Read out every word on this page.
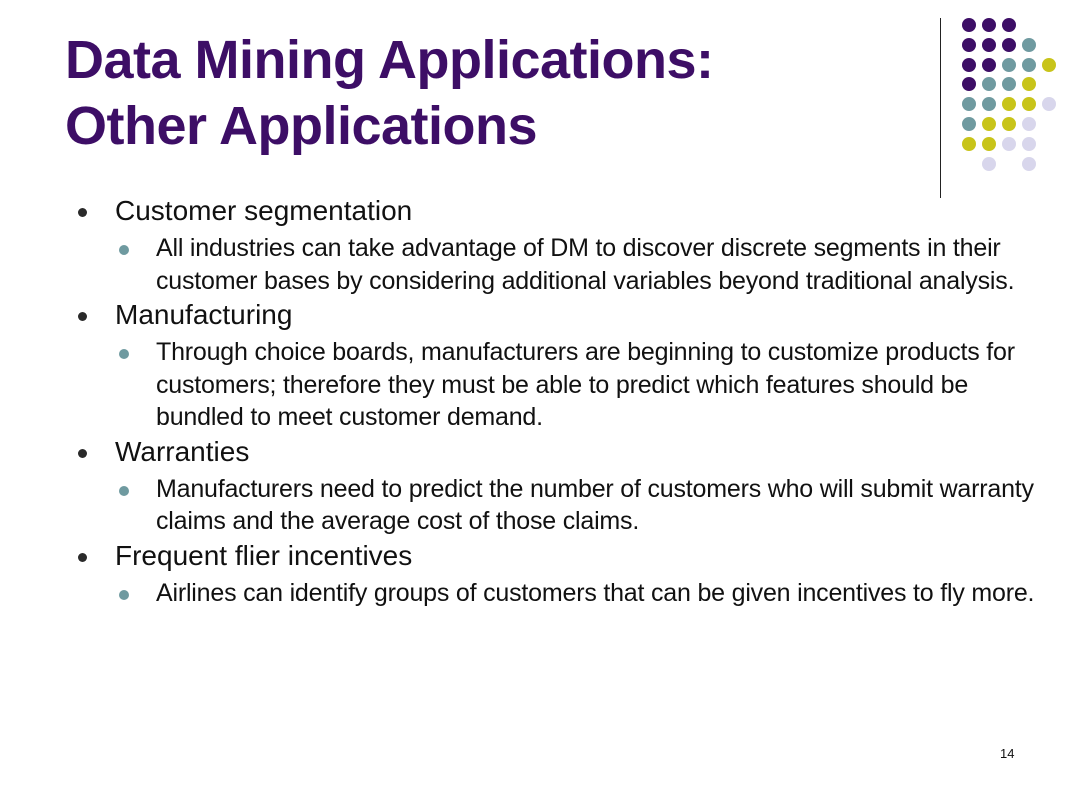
Data Mining Applications:
Other Applications
Customer segmentation
All industries can take advantage of DM to discover discrete segments in their customer bases by considering additional variables beyond traditional analysis.
Manufacturing
Through choice boards, manufacturers are beginning to customize products for customers; therefore they must be able to predict which features should be bundled to meet customer demand.
Warranties
Manufacturers need to predict the number of customers who will submit warranty claims and the average cost of those claims.
Frequent flier incentives
Airlines can identify groups of customers that can be given incentives to fly more.
14
